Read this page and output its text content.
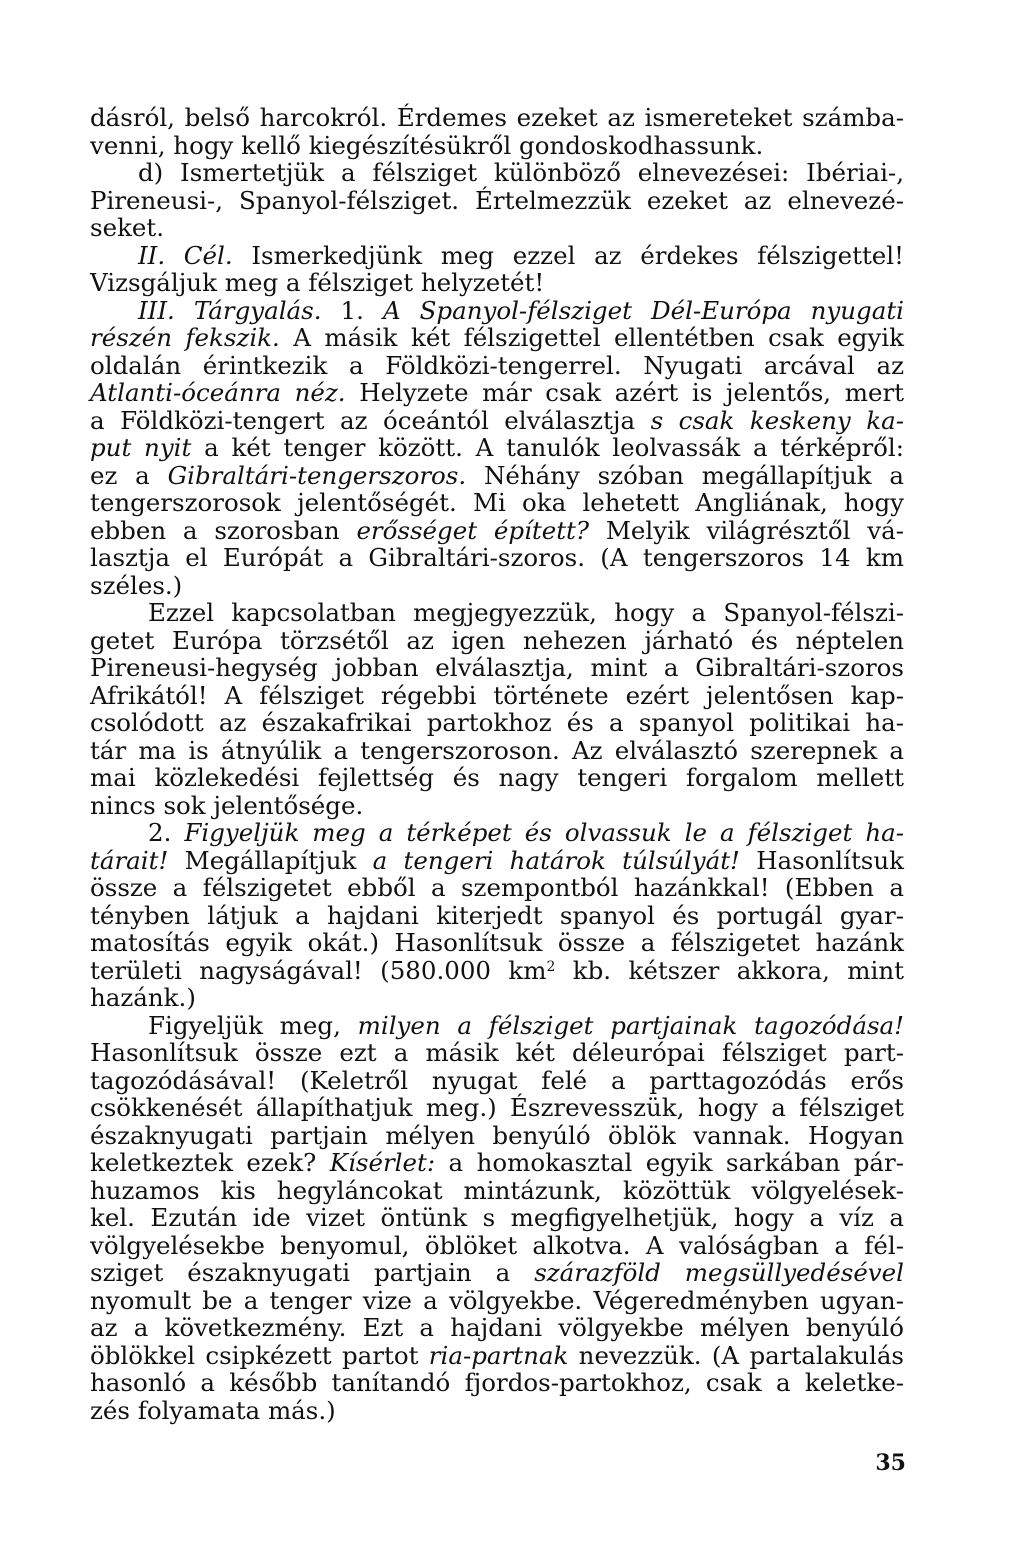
dásról, belső harcokról. Érdemes ezeket az ismereteket számba-
venni, hogy kellő kiegészítésükről gondoskodhassunk.
d) Ismertetjük a félsziget különböző elnevezései: Ibériai-,
Pireneusi-, Spanyol-félsziget. Értelmezzük ezeket az elnevezé-
seket.
II. Cél. Ismerkedjünk meg ezzel az érdekes félszigettel!
Vizsgáljuk meg a félsziget helyzetét!
III. Tárgyalás. 1. A Spanyol-félsziget Dél-Európa nyugati
részén fekszik. A másik két félszigettel ellentétben csak egyik
oldalán érintkezik a Földközi-tengerrel. Nyugati arcával az
Atlanti-óceánra néz. Helyzete már csak azért is jelentős, mert
a Földközi-tengert az óceántól elválasztja s csak keskeny ka-
put nyit a két tenger között. A tanulók leolvassák a térképről:
ez a Gibraltári-tengerszoros. Néhány szóban megállapítjuk a
tengerszorosok jelentőségét. Mi oka lehetett Angliának, hogy
ebben a szorosban erősséget épített? Melyik világrésztől vá-
lasztja el Európát a Gibraltári-szoros. (A tengerszoros 14 km
széles.)
Ezzel kapcsolatban megjegyezzük, hogy a Spanyol-félszi-
getet Európa törzsétől az igen nehezen járható és néptelen
Pireneusi-hegység jobban elválasztja, mint a Gibraltári-szoros
Afrikától! A félsziget régebbi története ezért jelentősen kap-
csolódott az északafrikai partokhoz és a spanyol politikai ha-
tár ma is átnyúlik a tengerszoroson. Az elválasztó szerepnek a
mai közlekedési fejlettség és nagy tengeri forgalom mellett
nincs sok jelentősége.
2. Figyeljük meg a térképet és olvassuk le a félsziget ha-
tárait! Megállapítjuk a tengeri határok túlsúlyát! Hasonlítsuk
össze a félszigetet ebből a szempontból hazánkkal! (Ebben a
tényben látjuk a hajdani kiterjedt spanyol és portugál gyar-
matosítás egyik okát.) Hasonlítsuk össze a félszigetet hazánk
területi nagyságával! (580.000 $km^2$ kb. kétszer akkora, mint
hazánk.)
Figyeljük meg, milyen a félsziget partjainak tagozódása!
Hasonlítsuk össze ezt a másik két déleurópai félsziget part-
tagozódásával! (Keletről nyugat felé a parttagozódás erős
csökkenését állapíthatjuk meg.) Észrevesszük, hogy a félsziget
északnyugati partjain mélyen benyúló öblök vannak. Hogyan
keletkeztek ezek? Kísérlet: a homokasztal egyik sarkában pár-
huzamos kis hegyláncokat mintázunk, közöttük völgyelések-
kel. Ezután ide vizet öntünk s megfigyelhetjük, hogy a víz a
völgyelésekbe benyomul, öblöket alkotva. A valóságban a fél-
sziget északnyugati partjain a szárazföld megsüllyedésével
nyomult be a tenger vize a völgyekbe. Végeredményben ugyan-
az a következmény. Ezt a hajdani völgyekbe mélyen benyúló
öblökkel csipkézett partot ria-partnak nevezzük. (A partalakulás
hasonló a később tanítandó fjordos-partokhoz, csak a keletke-
zés folyamata más.)
35
